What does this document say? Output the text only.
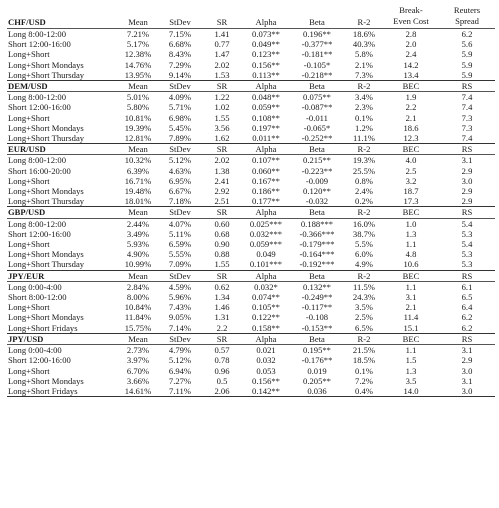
CHF/USD	Mean	StDev	SR	Alpha	Beta	R-2	Break-
Even Cost	Reuters
Spread
Long 8:00-12:00	7.21%	7.15%	1.41	0.073**	0.196**	18.6%	2.8	6.2
Short 12:00-16:00	5.17%	6.68%	0.77	0.049**	-0.377**	40.3%	2.0	5.6
Long+Short	12.38%	8.43%	1.47	0.123**	-0.181**	5.8%	2.4	5.9
Long+Short Mondays	14.76%	7.29%	2.02	0.156**	-0.105*	2.1%	14.2	5.9
Long+Short Thursday	13.95%	9.14%	1.53	0.113**	-0.218**	7.3%	13.4	5.9
DEM/USD	Mean	StDev	SR	Alpha	Beta	R-2	BEC	RS
Long 8:00-12:00	5.01%	4.09%	1.22	0.048**	0.075**	3.4%	1.9	7.4
Short 12:00-16:00	5.80%	5.71%	1.02	0.059**	-0.087**	2.3%	2.2	7.4
Long+Short	10.81%	6.98%	1.55	0.108**	-0.011	0.1%	2.1	7.3
Long+Short Mondays	19.39%	5.45%	3.56	0.197**	-0.065*	1.2%	18.6	7.3
Long+Short Thursday	12.81%	7.89%	1.62	0.011**	-0.252**	11.1%	12.3	7.4
EUR/USD	Mean	StDev	SR	Alpha	Beta	R-2	BEC	RS
Long 8:00-12:00	10.32%	5.12%	2.02	0.107**	0.215**	19.3%	4.0	3.1
Short 16:00-20:00	6.39%	4.63%	1.38	0.060**	-0.223**	25.5%	2.5	2.9
Long+Short	16.71%	6.95%	2.41	0.167**	-0.009	0.8%	3.2	3.0
Long+Short Mondays	19.48%	6.67%	2.92	0.186**	0.120**	2.4%	18.7	2.9
Long+Short Thursday	18.01%	7.18%	2.51	0.177**	-0.032	0.2%	17.3	2.9
GBP/USD	Mean	StDev	SR	Alpha	Beta	R-2	BEC	RS
Long 8:00-12:00	2.44%	4.07%	0.60	0.025***	0.188***	16.0%	1.0	5.4
Short 12:00-16:00	3.49%	5.11%	0.68	0.032***	-0.366***	38.7%	1.3	5.3
Long+Short	5.93%	6.59%	0.90	0.059***	-0.179***	5.5%	1.1	5.4
Long+Short Mondays	4.90%	5.55%	0.88	0.049	-0.164***	6.0%	4.8	5.3
Long+Short Thursday	10.99%	7.09%	1.55	0.101***	-0.192***	4.9%	10.6	5.3
JPY/EUR	Mean	StDev	SR	Alpha	Beta	R-2	BEC	RS
Long 0:00-4:00	2.84%	4.59%	0.62	0.032*	0.132**	11.5%	1.1	6.1
Short 8:00-12:00	8.00%	5.96%	1.34	0.074**	-0.249**	24.3%	3.1	6.5
Long+Short	10.84%	7.43%	1.46	0.105**	-0.117**	3.5%	2.1	6.4
Long+Short Mondays	11.84%	9.05%	1.31	0.122**	-0.108	2.5%	11.4	6.2
Long+Short Fridays	15.75%	7.14%	2.2	0.158**	-0.153**	6.5%	15.1	6.2
JPY/USD	Mean	StDev	SR	Alpha	Beta	R-2	BEC	RS
Long 0:00-4:00	2.73%	4.79%	0.57	0.021	0.195**	21.5%	1.1	3.1
Short 12:00-16:00	3.97%	5.12%	0.78	0.032	-0.176**	18.5%	1.5	2.9
Long+Short	6.70%	6.94%	0.96	0.053	0.019	0.1%	1.3	3.0
Long+Short Mondays	3.66%	7.27%	0.5	0.156**	0.205**	7.2%	3.5	3.1
Long+Short Fridays	14.61%	7.11%	2.06	0.142**	0.036	0.4%	14.0	3.0
